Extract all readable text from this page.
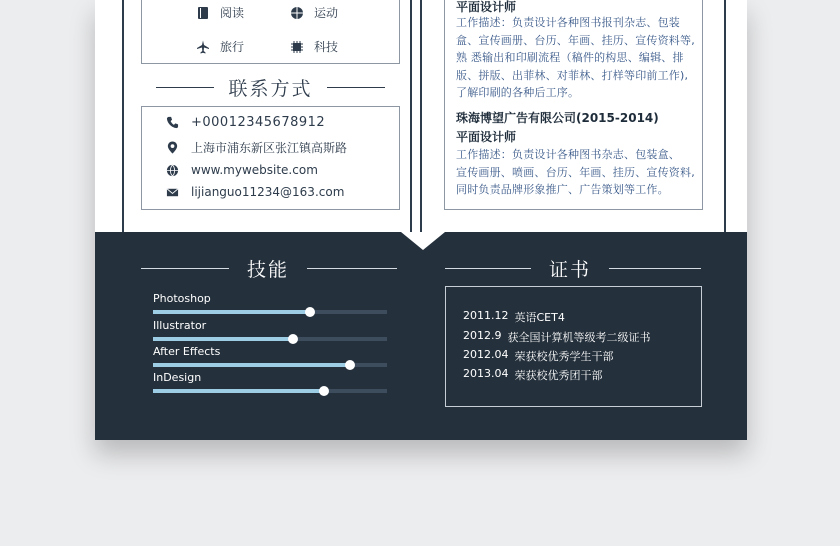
阅读	运动
旅行	科技
联系方式
+00012345678912
上海市浦东新区张江镇高斯路
www.mywebsite.com
lijianguo11234@163.com
平面设计师
工作描述：负责设计各种图书报刊杂志、包装
盒、宣传画册、台历、年画、挂历、宣传资料等,
熟 悉输出和印刷流程（稿件的构思、编辑、排
版、拼版、出菲林、对菲林、打样等印前工作),
了解印刷的各种后工序。
珠海博望广告有限公司(2015-2014)
平面设计师
工作描述：负责设计各种图书杂志、包装盒、
宣传画册、喷画、台历、年画、挂历、宣传资料,
同时负责品牌形象推广、广告策划等工作。
技能
Photoshop
Illustrator
After Effects
InDesign
证书
2011.12 英语CET4
2012.9 获全国计算机等级考二级证书
2012.04 荣获校优秀学生干部
2013.04 荣获校优秀团干部
